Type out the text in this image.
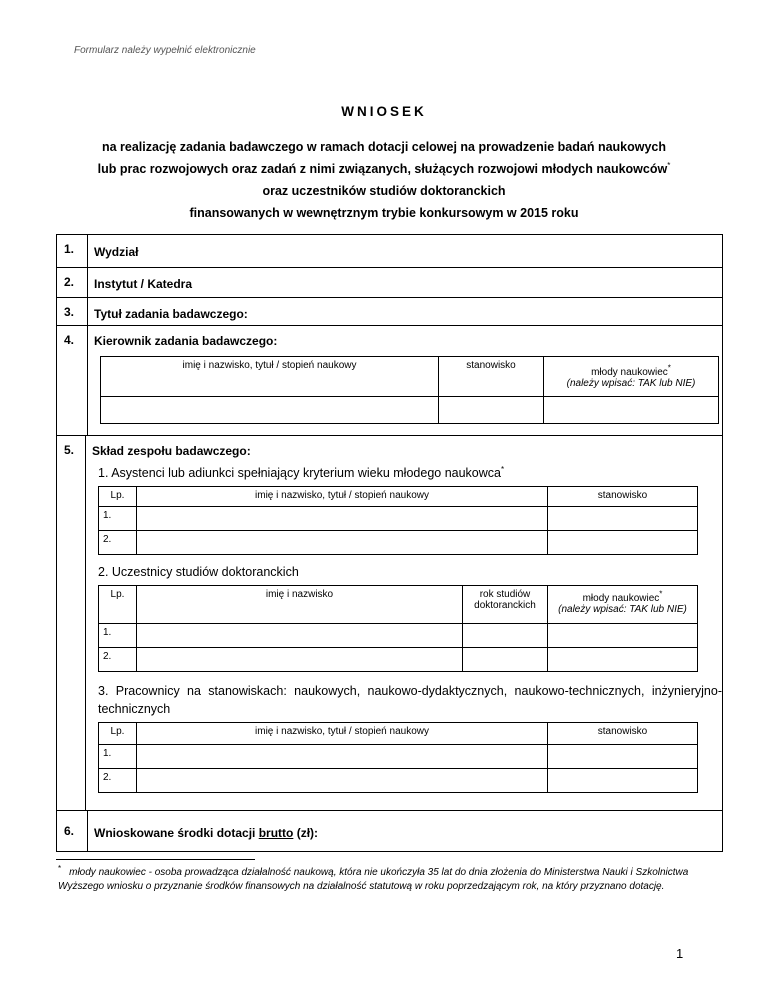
Formularz należy wypełnić elektronicznie
WNIOSEK
na realizację zadania badawczego w ramach dotacji celowej na prowadzenie badań naukowych
lub prac rozwojowych oraz zadań z nimi związanych, służących rozwojowi młodych naukowców*
oraz uczestników studiów doktoranckich
finansowanych w wewnętrznym trybie konkursowym w 2015 roku
1.	Wydział
2.	Instytut / Katedra
3.	Tytuł zadania badawczego:
4.	Kierownik zadania badawczego:
imię i nazwisko, tytuł / stopień naukowy	stanowisko	młody naukowiec*
(należy wpisać: TAK lub NIE)

5.	Skład zespołu badawczego:
1. Asystenci lub adiunkci spełniający kryterium wieku młodego naukowca*
Lp.	imię i nazwisko, tytuł / stopień naukowy	stanowisko
1.		
2.		
2. Uczestnicy studiów doktoranckich
Lp.	imię i nazwisko	rok studiów doktoranckich	młody naukowiec*
(należy wpisać: TAK lub NIE)

1.			
2.			
3. Pracownicy na stanowiskach: naukowych, naukowo-dydaktycznych, naukowo-technicznych, inżynieryjno-technicznych
Lp.	imię i nazwisko, tytuł / stopień naukowy	stanowisko
1.		
2.		
6.	Wnioskowane środki dotacji brutto (zł):
* młody naukowiec - osoba prowadząca działalność naukową, która nie ukończyła 35 lat do dnia złożenia do Ministerstwa Nauki i Szkolnictwa Wyższego wniosku o przyznanie środków finansowych na działalność statutową w roku poprzedzającym rok, na który przyznano dotację.
1
